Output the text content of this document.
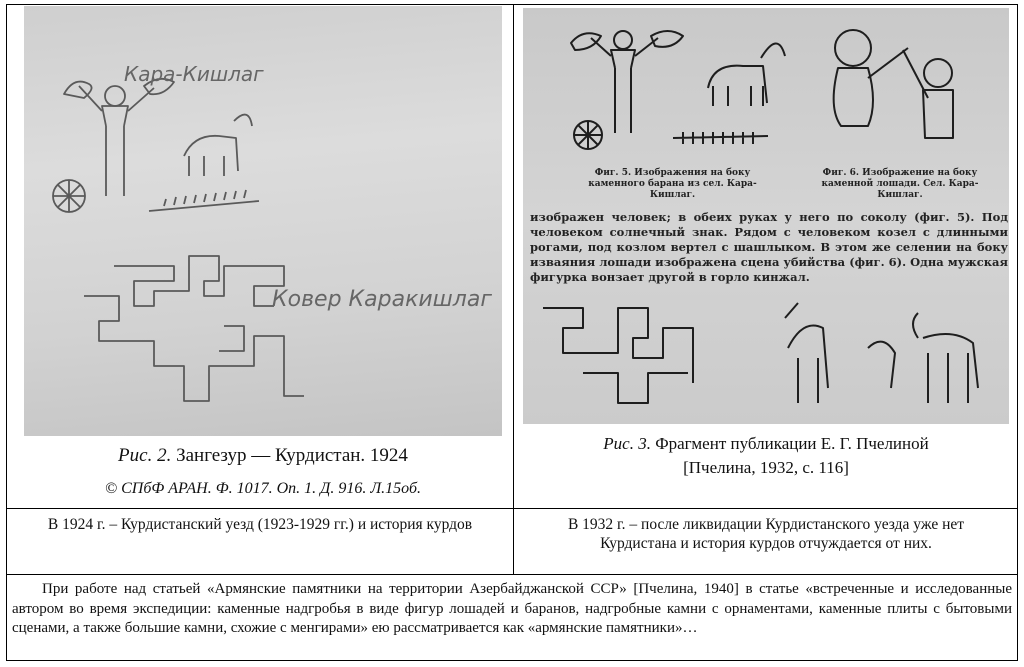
Кара-Кишлаг
Ковер Каракишлаг
Рис. 2. Зангезур — Курдистан. 1924
© СПбФ АРАН. Ф. 1017. Оп. 1. Д. 916. Л.15об.
Фиг. 5. Изображения на боку каменного барана из сел. Кара-Кишлаг.
Фиг. 6. Изображение на боку каменной лошади. Сел. Кара-Кишлаг.
изображен человек; в обеих руках у него по соколу (фиг. 5). Под человеком солнечный знак. Рядом с человеком козел с длинными рогами, под козлом вертел с шашлыком. В этом же селении на боку изваяния лошади изображена сцена убийства (фиг. 6). Одна мужская фигурка вонзает другой в горло кинжал.
Рис. 3. Фрагмент публикации Е. Г. Пчелиной
[Пчелина, 1932, с. 116]
В 1924 г. – Курдистанский уезд (1923-1929 гг.) и история курдов	В 1932 г. – после ликвидации Курдистанского уезда уже нет
Курдистана и история курдов отчуждается от них.
При работе над статьей «Армянские памятники на территории Азербайджанской ССР» [Пчелина, 1940] в статье «встреченные и исследованные автором во время экспедиции: каменные надгробья в виде фигур лошадей и баранов, надгробные камни с орнаментами, каменные плиты с бытовыми сценами, а также большие камни, схожие с менгирами» ею рассматривается как «армянские памятники»…
